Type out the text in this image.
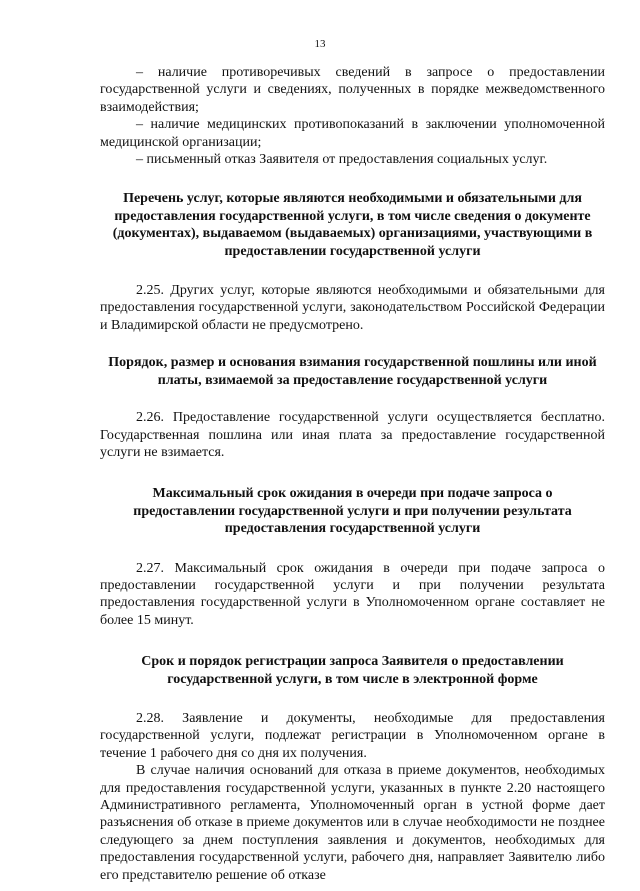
13

– наличие противоречивых сведений в запросе о предоставлении государственной услуги и сведениях, полученных в порядке межведомственного взаимодействия;

– наличие медицинских противопоказаний в заключении уполномоченной медицинской организации;

– письменный отказ Заявителя от предоставления социальных услуг.

Перечень услуг, которые являются необходимыми и обязательными для предоставления государственной услуги, в том числе сведения о документе (документах), выдаваемом (выдаваемых) организациями, участвующими в предоставлении государственной услуги

2.25. Других услуг, которые являются необходимыми и обязательными для предоставления государственной услуги, законодательством Российской Федерации и Владимирской области не предусмотрено.

Порядок, размер и основания взимания государственной пошлины или иной платы, взимаемой за предоставление государственной услуги

2.26. Предоставление государственной услуги осуществляется бесплатно. Государственная пошлина или иная плата за предоставление государственной услуги не взимается.

Максимальный срок ожидания в очереди при подаче запроса о предоставлении государственной услуги и при получении результата предоставления государственной услуги

2.27. Максимальный срок ожидания в очереди при подаче запроса о предоставлении государственной услуги и при получении результата предоставления государственной услуги в Уполномоченном органе составляет не более 15 минут.

Срок и порядок регистрации запроса Заявителя о предоставлении государственной услуги, в том числе в электронной форме

2.28. Заявление и документы, необходимые для предоставления государственной услуги, подлежат регистрации в Уполномоченном органе в течение 1 рабочего дня со дня их получения.

В случае наличия оснований для отказа в приеме документов, необходимых для предоставления государственной услуги, указанных в пункте 2.20 настоящего Административного регламента, Уполномоченный орган в устной форме дает разъяснения об отказе в приеме документов или в случае необходимости не позднее следующего за днем поступления заявления и документов, необходимых для предоставления государственной услуги, рабочего дня, направляет Заявителю либо его представителю решение об отказе
